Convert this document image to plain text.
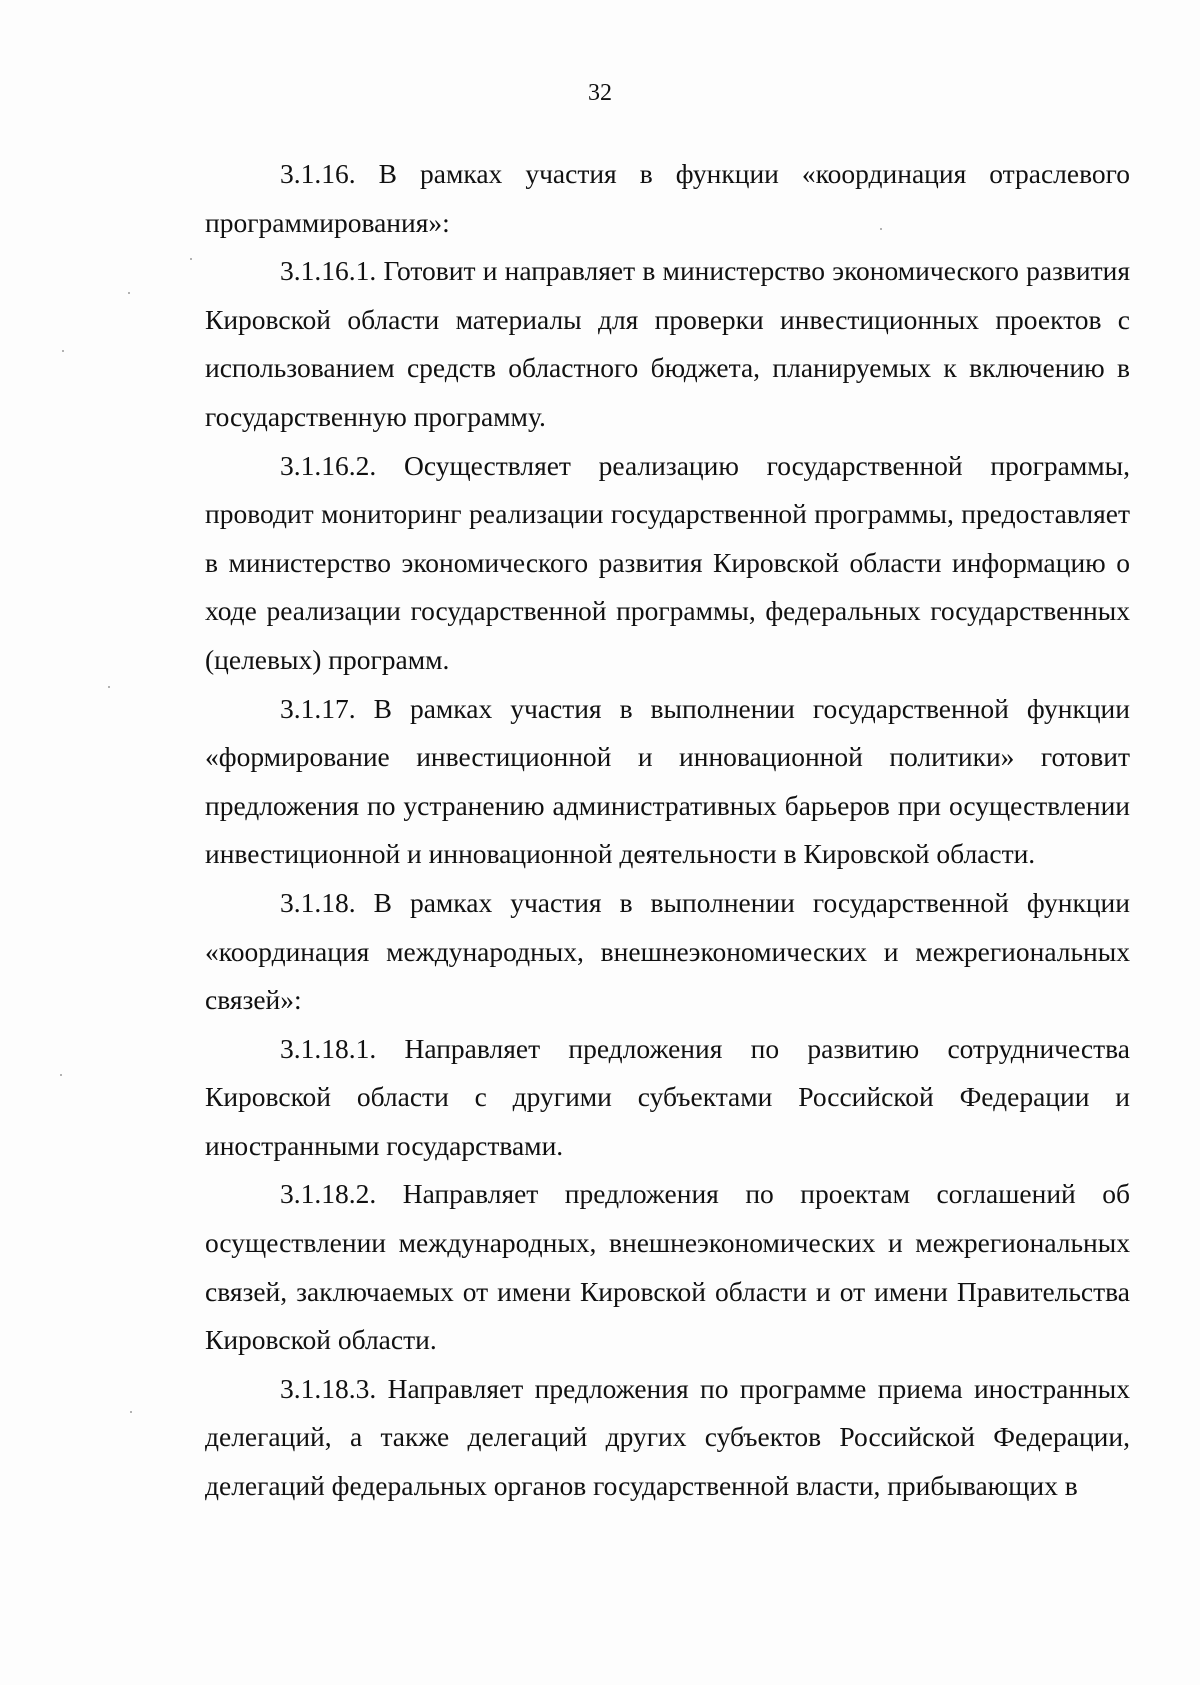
32

3.1.16. В рамках участия в функции «координация отраслевого программирования»:

3.1.16.1. Готовит и направляет в министерство экономического развития Кировской области материалы для проверки инвестиционных проектов с использованием средств областного бюджета, планируемых к включению в государственную программу.

3.1.16.2. Осуществляет реализацию государственной программы, проводит мониторинг реализации государственной программы, предоставляет в министерство экономического развития Кировской области информацию о ходе реализации государственной программы, федеральных государственных (целевых) программ.

3.1.17. В рамках участия в выполнении государственной функции «формирование инвестиционной и инновационной политики» готовит предложения по устранению административных барьеров при осуществлении инвестиционной и инновационной деятельности в Кировской области.

3.1.18. В рамках участия в выполнении государственной функции «координация международных, внешнеэкономических и межрегиональных связей»:

3.1.18.1. Направляет предложения по развитию сотрудничества Кировской области с другими субъектами Российской Федерации и иностранными государствами.

3.1.18.2. Направляет предложения по проектам соглашений об осуществлении международных, внешнеэкономических и межрегиональных связей, заключаемых от имени Кировской области и от имени Правительства Кировской области.

3.1.18.3. Направляет предложения по программе приема иностранных делегаций, а также делегаций других субъектов Российской Федерации, делегаций федеральных органов государственной власти, прибывающих в
